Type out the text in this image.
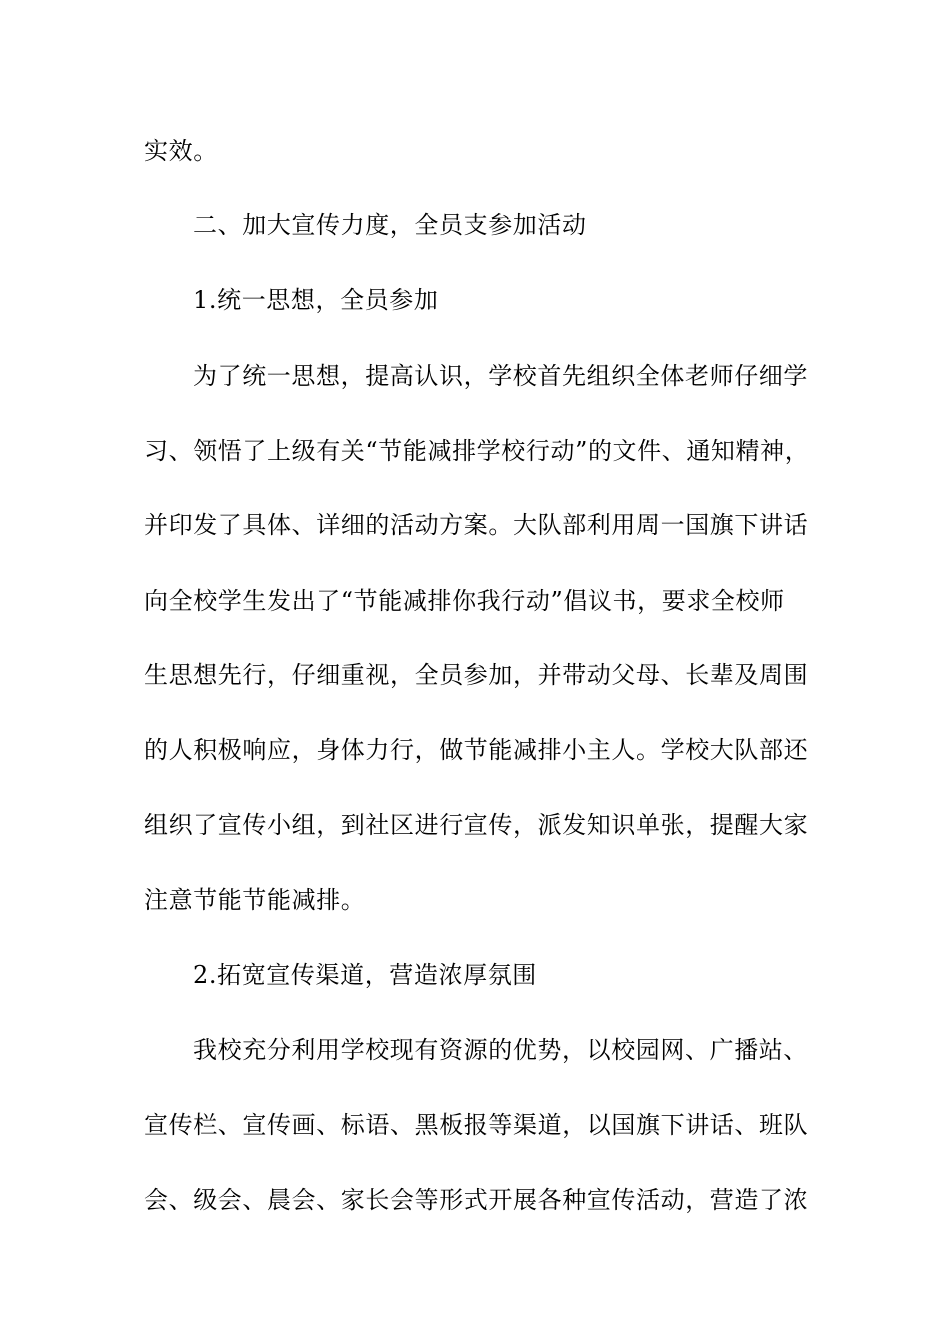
实效。
二、加大宣传力度，全员支参加活动
1.统一思想，全员参加
为了统一思想，提高认识，学校首先组织全体老师仔细学
习、领悟了上级有关“节能减排学校行动”的文件、通知精神，
并印发了具体、详细的活动方案。大队部利用周一国旗下讲话
向全校学生发出了“节能减排你我行动”倡议书，要求全校师
生思想先行，仔细重视，全员参加，并带动父母、长辈及周围
的人积极响应，身体力行，做节能减排小主人。学校大队部还
组织了宣传小组，到社区进行宣传，派发知识单张，提醒大家
注意节能节能减排。
2.拓宽宣传渠道，营造浓厚氛围
我校充分利用学校现有资源的优势，以校园网、广播站、
宣传栏、宣传画、标语、黑板报等渠道，以国旗下讲话、班队
会、级会、晨会、家长会等形式开展各种宣传活动，营造了浓
